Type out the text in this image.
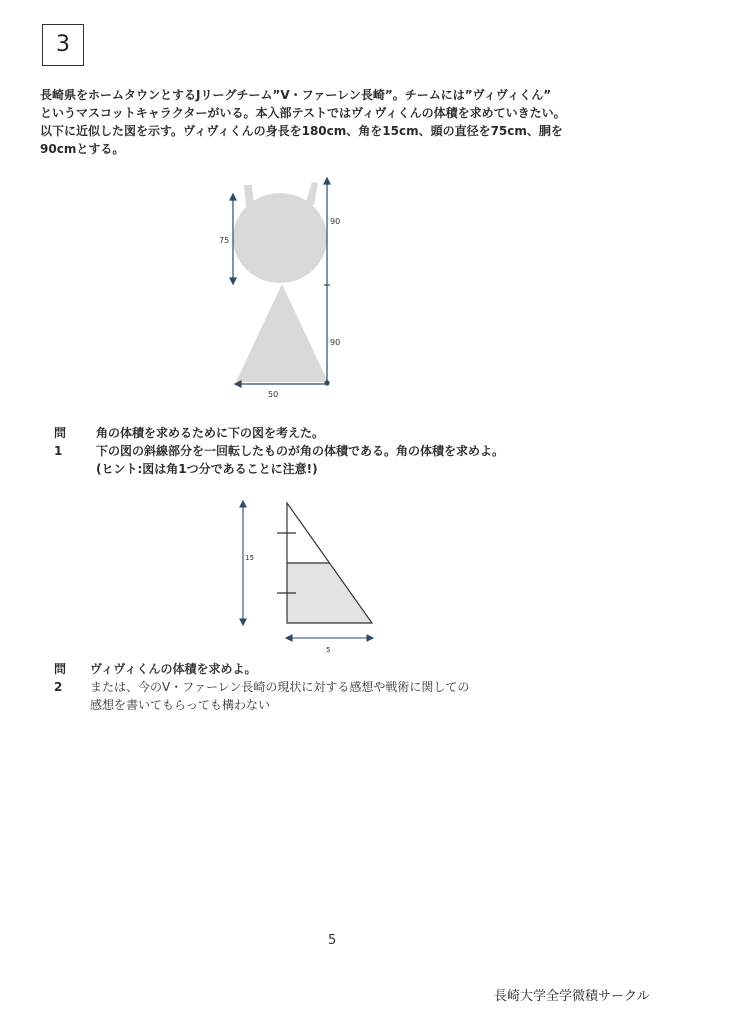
3
長崎県をホームタウンとするJリーグチーム”V・ファーレン長崎”。チームには”ヴィヴィくん”
というマスコットキャラクターがいる。本入部テストではヴィヴィくんの体積を求めていきたい。
以下に近似した図を示す。ヴィヴィくんの身長を180cm、角を15cm、頭の直径を75cm、胴を
90cmとする。
75
90
90
50
問1
角の体積を求めるために下の図を考えた。
下の図の斜線部分を一回転したものが角の体積である。角の体積を求めよ。
(ヒント:図は角1つ分であることに注意!)
15
5
問2
ヴィヴィくんの体積を求めよ。
または、今のV・ファーレン長崎の現状に対する感想や戦術に関しての
感想を書いてもらっても構わない
5
長崎大学全学微積サークル
